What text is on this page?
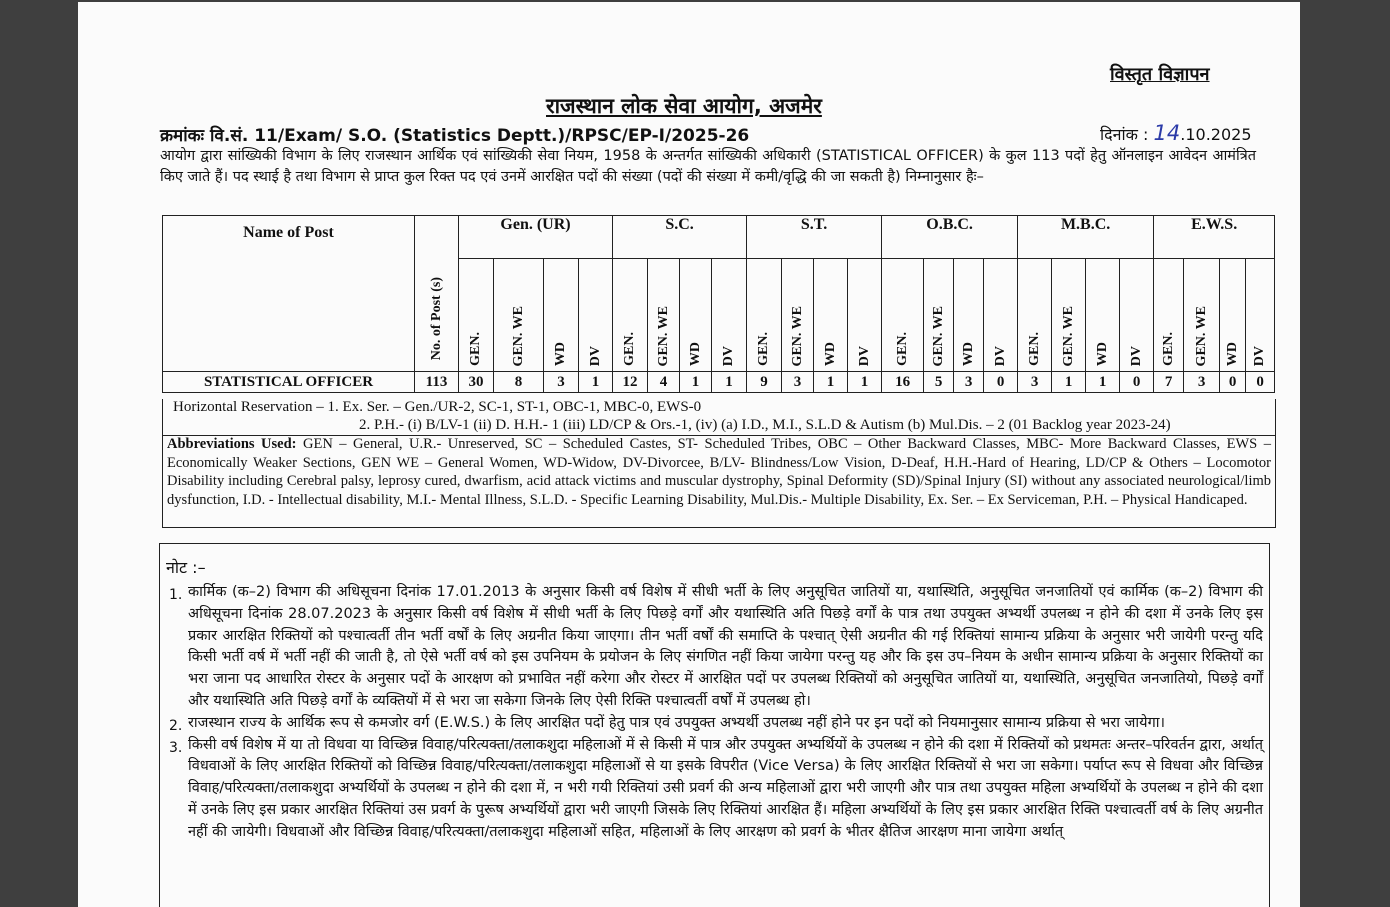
विस्तृत विज्ञापन
राजस्थान लोक सेवा आयोग, अजमेर
क्रमांकः वि.सं. 11/Exam/ S.O. (Statistics Deptt.)/RPSC/EP-I/2025-26	दिनांक : 14.10.2025
आयोग द्वारा सांख्यिकी विभाग के लिए राजस्थान आर्थिक एवं सांख्यिकी सेवा नियम, 1958 के अन्तर्गत सांख्यिकी अधिकारी (STATISTICAL OFFICER) के कुल 113 पदों हेतु ऑनलाइन आवेदन आमंत्रित किए जाते हैं। पद स्थाई है तथा विभाग से प्राप्त कुल रिक्त पद एवं उनमें आरक्षित पदों की संख्या (पदों की संख्या में कमी/वृद्धि की जा सकती है) निम्नानुसार हैः–
Name of Post	No. of Post (s)	Gen. (UR)				S.C.				S.T.				O.B.C.				M.B.C.				E.W.S.			
		GEN.	GEN. WE	WD	DV	GEN.	GEN. WE	WD	DV	GEN.	GEN. WE	WD	DV	GEN.	GEN. WE	WD	DV	GEN.	GEN. WE	WD	DV	GEN.	GEN. WE	WD	DV
STATISTICAL OFFICER	113	30	8	3	1	12	4	1	1	9	3	1	1	16	5	3	0	3	1	1	0	7	3	0	0
Horizontal Reservation – 1. Ex. Ser. – Gen./UR-2, SC-1, ST-1, OBC-1, MBC-0, EWS-0
2. P.H.- (i) B/LV-1 (ii) D. H.H.- 1 (iii) LD/CP & Ors.-1, (iv) (a) I.D., M.I., S.L.D & Autism (b) Mul.Dis. – 2 (01 Backlog year 2023-24)
Abbreviations Used: GEN – General, U.R.- Unreserved, SC – Scheduled Castes, ST- Scheduled Tribes, OBC – Other Backward Classes, MBC- More Backward Classes, EWS – Economically Weaker Sections, GEN WE – General Women, WD-Widow, DV-Divorcee, B/LV- Blindness/Low Vision, D-Deaf, H.H.-Hard of Hearing, LD/CP & Others – Locomotor Disability including Cerebral palsy, leprosy cured, dwarfism, acid attack victims and muscular dystrophy, Spinal Deformity (SD)/Spinal Injury (SI) without any associated neurological/limb dysfunction, I.D. - Intellectual disability, M.I.- Mental Illness, S.L.D. - Specific Learning Disability, Mul.Dis.- Multiple Disability, Ex. Ser. – Ex Serviceman, P.H. – Physical Handicaped.
नोट :–
1. कार्मिक (क–2) विभाग की अधिसूचना दिनांक 17.01.2013 के अनुसार किसी वर्ष विशेष में सीधी भर्ती के लिए अनुसूचित जातियों या, यथास्थिति, अनुसूचित जनजातियों एवं कार्मिक (क–2) विभाग की अधिसूचना दिनांक 28.07.2023 के अनुसार किसी वर्ष विशेष में सीधी भर्ती के लिए पिछड़े वर्गों और यथास्थिति अति पिछड़े वर्गों के पात्र तथा उपयुक्त अभ्यर्थी उपलब्ध न होने की दशा में उनके लिए इस प्रकार आरक्षित रिक्तियों को पश्चात्वर्ती तीन भर्ती वर्षों के लिए अग्रनीत किया जाएगा। तीन भर्ती वर्षों की समाप्ति के पश्चात् ऐसी अग्रनीत की गई रिक्तियां सामान्य प्रक्रिया के अनुसार भरी जायेगी परन्तु यदि किसी भर्ती वर्ष में भर्ती नहीं की जाती है, तो ऐसे भर्ती वर्ष को इस उपनियम के प्रयोजन के लिए संगणित नहीं किया जायेगा परन्तु यह और कि इस उप–नियम के अधीन सामान्य प्रक्रिया के अनुसार रिक्तियों का भरा जाना पद आधारित रोस्टर के अनुसार पदों के आरक्षण को प्रभावित नहीं करेगा और रोस्टर में आरक्षित पदों पर उपलब्ध रिक्तियों को अनुसूचित जातियों या, यथास्थिति, अनुसूचित जनजातियो, पिछड़े वर्गों और यथास्थिति अति पिछड़े वर्गों के व्यक्तियों में से भरा जा सकेगा जिनके लिए ऐसी रिक्ति पश्चात्वर्ती वर्षों में उपलब्ध हो।
2. राजस्थान राज्य के आर्थिक रूप से कमजोर वर्ग (E.W.S.) के लिए आरक्षित पदों हेतु पात्र एवं उपयुक्त अभ्यर्थी उपलब्ध नहीं होने पर इन पदों को नियमानुसार सामान्य प्रक्रिया से भरा जायेगा।
3. किसी वर्ष विशेष में या तो विधवा या विच्छिन्न विवाह/परित्यक्ता/तलाकशुदा महिलाओं में से किसी में पात्र और उपयुक्त अभ्यर्थियों के उपलब्ध न होने की दशा में रिक्तियों को प्रथमतः अन्तर–परिवर्तन द्वारा, अर्थात् विधवाओं के लिए आरक्षित रिक्तियों को विच्छिन्न विवाह/परित्यक्ता/तलाकशुदा महिलाओं से या इसके विपरीत (Vice Versa) के लिए आरक्षित रिक्तियों से भरा जा सकेगा। पर्याप्त रूप से विधवा और विच्छिन्न विवाह/परित्यक्ता/तलाकशुदा अभ्यर्थियों के उपलब्ध न होने की दशा में, न भरी गयी रिक्तियां उसी प्रवर्ग की अन्य महिलाओं द्वारा भरी जाएगी और पात्र तथा उपयुक्त महिला अभ्यर्थियों के उपलब्ध न होने की दशा में उनके लिए इस प्रकार आरक्षित रिक्तियां उस प्रवर्ग के पुरूष अभ्यर्थियों द्वारा भरी जाएगी जिसके लिए रिक्तियां आरक्षित हैं। महिला अभ्यर्थियों के लिए इस प्रकार आरक्षित रिक्ति पश्चात्वर्ती वर्ष के लिए अग्रनीत नहीं की जायेगी। विधवाओं और विच्छिन्न विवाह/परित्यक्ता/तलाकशुदा महिलाओं सहित, महिलाओं के लिए आरक्षण को प्रवर्ग के भीतर क्षैतिज आरक्षण माना जायेगा अर्थात्
